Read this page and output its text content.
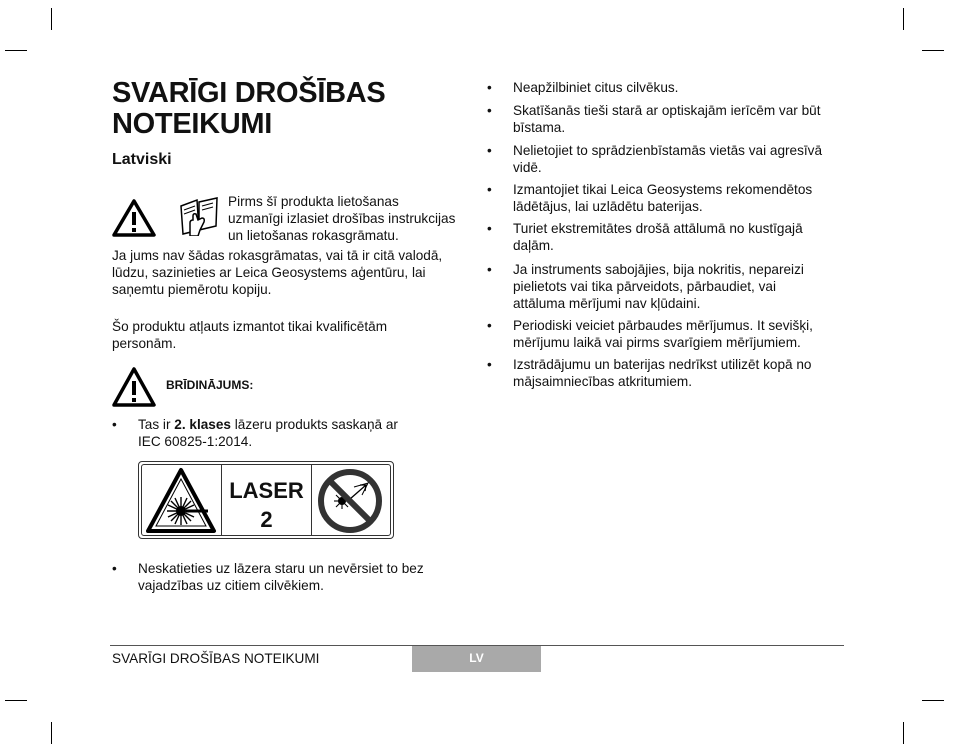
SVARĪGI DROŠĪBAS NOTEIKUMI
Latviski
Pirms šī produkta lietošanas
uzmanīgi izlasiet drošības instrukcijas
un lietošanas rokasgrāmatu.
Ja jums nav šādas rokasgrāmatas, vai tā ir citā valodā,
lūdzu, sazinieties ar Leica Geosystems aģentūru, lai
saņemtu piemērotu kopiju.
Šo produktu atļauts izmantot tikai kvalificētām
personām.
BRĪDINĀJUMS:
• Tas ir 2. klases lāzeru produkts saskaņā ar
IEC 60825-1:2014.
LASER
2
• Neskatieties uz lāzera staru un nevērsiet to bez
vajadzības uz citiem cilvēkiem.
• Neapžilbiniet citus cilvēkus.
• Skatīšanās tieši starā ar optiskajām ierīcēm var būt
bīstama.
• Nelietojiet to sprādzienbīstamās vietās vai agresīvā
vidē.
• Izmantojiet tikai Leica Geosystems rekomendētos
lādētājus, lai uzlādētu baterijas.
• Turiet ekstremitātes drošā attālumā no kustīgajā
daļām.
• Ja instruments sabojājies, bija nokritis, nepareizi
pielietots vai tika pārveidots, pārbaudiet, vai
attāluma mērījumi nav kļūdaini.
• Periodiski veiciet pārbaudes mērījumus. It sevišķi,
mērījumu laikā vai pirms svarīgiem mērījumiem.
• Izstrādājumu un baterijas nedrīkst utilizēt kopā no
mājsaimniecības atkritumiem.
SVARĪGI DROŠĪBAS NOTEIKUMI	LV
